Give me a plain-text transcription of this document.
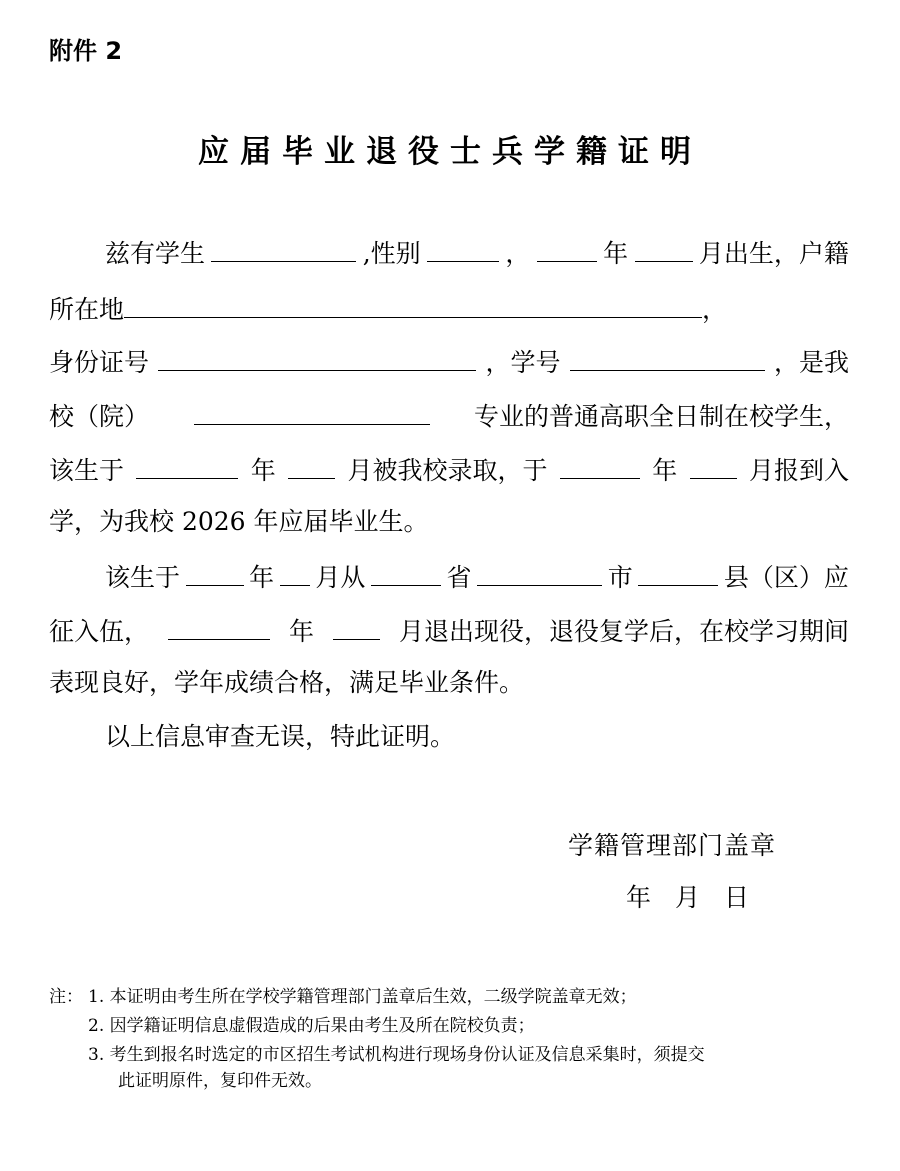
附件 2
应届毕业退役士兵学籍证明
兹有学生	,性别	，	年	月出生，户籍
所在地	，
身份证号	，学号	，是我
校（院）	专业的普通高职全日制在校学生，
该生于	年	月被我校录取，于	年	月报到入
学，为我校 2026 年应届毕业生。
该生于	年 月从	省	市	县（区）应
征入伍，	年	月退出现役，退役复学后，在校学习期间
表现良好，学年成绩合格，满足毕业条件。
以上信息审查无误，特此证明。
学籍管理部门盖章
年 月 日
注： 1. 本证明由考生所在学校学籍管理部门盖章后生效，二级学院盖章无效；
2. 因学籍证明信息虚假造成的后果由考生及所在院校负责；
3. 考生到报名时选定的市区招生考试机构进行现场身份认证及信息采集时，须提交
此证明原件，复印件无效。
